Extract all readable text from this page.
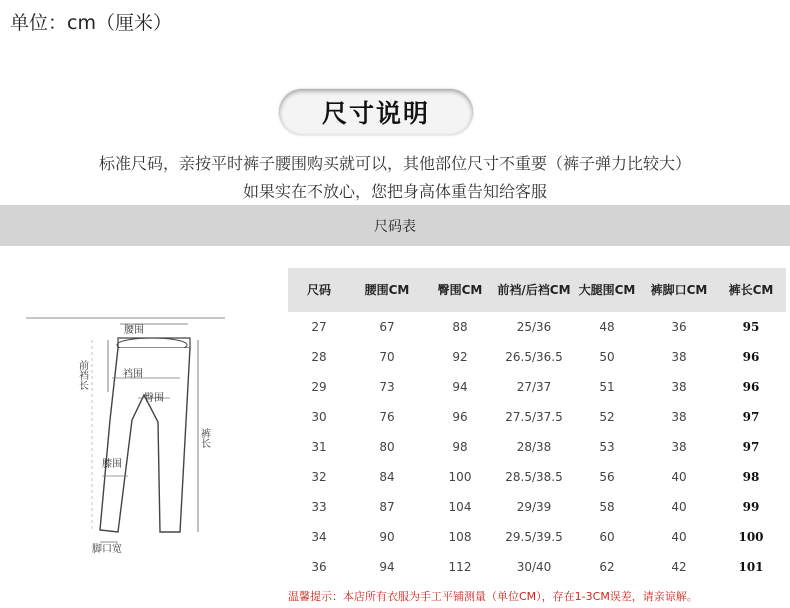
单位：cm（厘米）
尺寸说明
标准尺码，亲按平时裤子腰围购买就可以，其他部位尺寸不重要（裤子弹力比较大）
如果实在不放心，您把身高体重告知给客服
尺码表
腰围
前裆长	裆围
臀围
膝围
裤长
脚口宽
尺码	腰围CM	臀围CM	前裆/后裆CM	大腿围CM	裤脚口CM	裤长CM
27	67	88	25/36	48	36	95
28	70	92	26.5/36.5	50	38	96
29	73	94	27/37	51	38	96
30	76	96	27.5/37.5	52	38	97
31	80	98	28/38	53	38	97
32	84	100	28.5/38.5	56	40	98
33	87	104	29/39	58	40	99
34	90	108	29.5/39.5	60	40	100
36	94	112	30/40	62	42	101
温馨提示：本店所有衣服为手工平铺测量（单位CM），存在1-3CM误差，请亲谅解。
